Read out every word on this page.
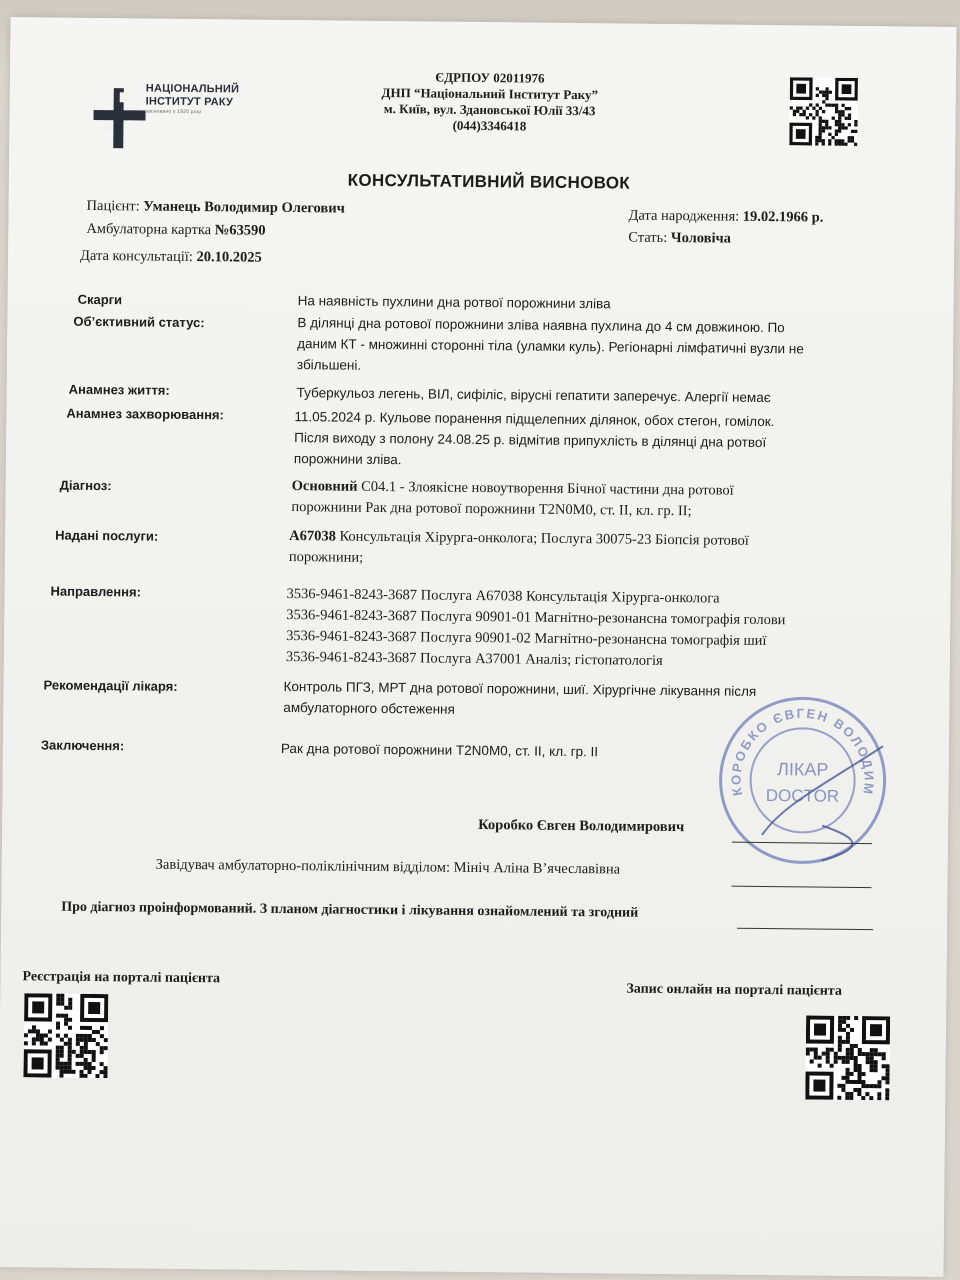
НАЦІОНАЛЬНИЙ
ІНСТИТУТ РАКУ
засновано у 1920 році
ЄДРПОУ 02011976
ДНП “Національний Інститут Раку”
м. Київ, вул. Здановської Юлії 33/43
(044)3346418
КОНСУЛЬТАТИВНИЙ ВИСНОВОК
Пацієнт: Уманець Володимир Олегович
Амбулаторна картка №63590
Дата консультації: 20.10.2025
Дата народження: 19.02.1966 р.
Стать: Чоловіча
Скарги	На наявність пухлини дна ротвої порожнини зліва
Об’єктивний статус:	В ділянці дна ротової порожнини зліва наявна пухлина до 4 см довжиною. По
даним КТ - множинні сторонні тіла (уламки куль). Регіонарні лімфатичні вузли не
збільшені.
Анамнез життя:	Туберкульоз легень, ВІЛ, сифіліс, вірусні гепатити заперечує. Алергії немає
Анамнез захворювання:	11.05.2024 р. Кульове поранення підщелепних ділянок, обох стегон, гомілок.
Після виходу з полону 24.08.25 р. відмітив припухлість в ділянці дна ротвої
порожнини зліва.
Діагноз:	Основний C04.1 - Злоякісне новоутворення Бічної частини дна ротової
порожнини Рак дна ротової порожнини T2N0M0, ст. II, кл. гр. II;
Надані послуги:	A67038 Консультація Хірурга-онколога; Послуга 30075-23 Біопсія ротової
порожнини;
Направлення:	3536-9461-8243-3687 Послуга A67038 Консультація Хірурга-онколога
3536-9461-8243-3687 Послуга 90901-01 Магнітно-резонансна томографія голови
3536-9461-8243-3687 Послуга 90901-02 Магнітно-резонансна томографія шиї
3536-9461-8243-3687 Послуга A37001 Аналіз; гістопатологія
Рекомендації лікаря:	Контроль ПГЗ, МРТ дна ротової порожнини, шиї. Хірургічне лікування після
амбулаторного обстеження
Заключення:	Рак дна ротової порожнини T2N0M0, ст. II, кл. гр. II
КОРОБКО ЄВГЕН ВОЛОДИМИРОВИЧ
ЛІКАР
DOCTOR
Коробко Євген Володимирович
Завідувач амбулаторно-поліклінічним відділом: Мініч Аліна В’ячеславівна
Про діагноз проінформований. З планом діагностики і лікування ознайомлений та згодний
Реєстрація на порталі пацієнта
Запис онлайн на порталі пацієнта
